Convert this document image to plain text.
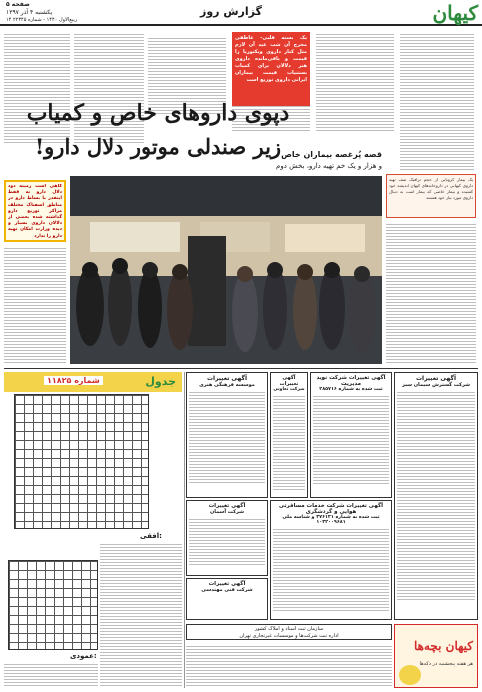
کیهان
گزارش روز
صفحه ۵
یکشنبه ۴ آذر ۱۳۹۷
۱۴ ربیع‌الاول ۱۴۴۰ - شماره ۲۲۳۴۵
یک بسته قلبی- عاطفی مخرج آن شب عید آن لازم مثل کنار داروی ویکتوریا را قیمت و باقی‌مانده داروی هنر دلالان برای کمیاب بستنیاب قیمت بیماران ایرانی داروی توزیع است
دپوی داروهای خاص و کمیاب
زیر صندلی موتور دلال دارو! قصه پُرغصه بیماران خاص
و هزار و یک خم تهیه دارو، بخش دوم
یک بیمار کرونایی از حجم ترافیک صف تهیه داروی کیهانی در داروخانه‌های کیهان اندیشه خود کشیده و بیمار خاصی که بیمار است به دنبال داروی مورد نیاز خود هستند
گاهی است زمینه دود دلال دارو نه فقط اینقدر با بساط دارو در مناطق اسفناک مختلف مراکز توزیع دارو گذاشته شده بعضی از دلالان داروی بسیار و دیده وزارت امکان تهیه دارو را ندارد
آگهی تغییرات
شرکت گسترش سیمان سبز
آگهی تغییرات شرکت نوید مدیریت
ثبت شده به شماره ۲۸۵۷۱۶
آگهی تغییرات
شرکت تعاونی
آگهی تغییرات
موسسه فرهنگی هنری
آگهی تغییرات شرکت خدمات مسافرتی هوایی و گردشگری
ثبت شده به شماره ۳۷۶۱۴۱ و شناسه ملی ۱۰۳۲۰۰۹۶۸۱
آگهی تغییرات
شرکت آسمان
آگهی تغییرات
شرکت فنی مهندسی
سازمان ثبت اسناد و املاک کشور
اداره ثبت شرکت‌ها و موسسات غیرتجاری تهران
کیهان بچه‌ها
هر هفته پنجشنبه در دکه‌ها
جدول
شماره ۱۱۸۲۵
افقی:
عمودی:
